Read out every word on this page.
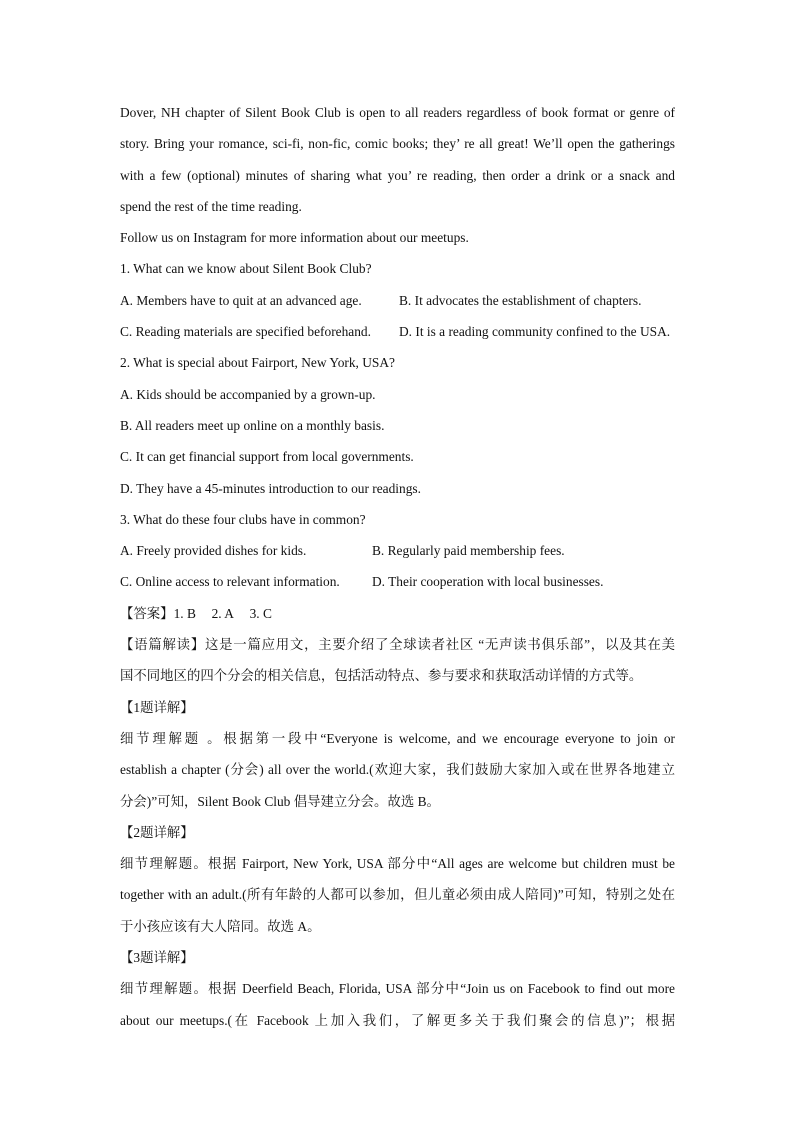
Dover, NH chapter of Silent Book Club is open to all readers regardless of book format or genre of
story. Bring your romance, sci-fi, non-fic, comic books; they’ re all great! We’ll open the gatherings
with a few (optional) minutes of sharing what you’ re reading, then order a drink or a snack and
spend the rest of the time reading.
Follow us on Instagram for more information about our meetups.
1. What can we know about Silent Book Club?
A. Members have to quit at an advanced age.	B. It advocates the establishment of chapters.
C. Reading materials are specified beforehand.	D. It is a reading community confined to the USA.
2. What is special about Fairport, New York, USA?
A. Kids should be accompanied by a grown-up.
B. All readers meet up online on a monthly basis.
C. It can get financial support from local governments.
D. They have a 45-minutes introduction to our readings.
3. What do these four clubs have in common?
A. Freely provided dishes for kids.	B. Regularly paid membership fees.
C. Online access to relevant information.	D. Their cooperation with local businesses.
【答案】1. B 2. A 3. C
【语篇解读】这是一篇应用文，主要介绍了全球读者社区 “无声读书俱乐部”，以及其在美
国不同地区的四个分会的相关信息，包括活动特点、参与要求和获取活动详情的方式等。
【1题详解】
细节理解题 。根据第一段中“Everyone is welcome, and we encourage everyone to join or
establish a chapter (分会) all over the world.(欢迎大家，我们鼓励大家加入或在世界各地建立
分会)”可知，Silent Book Club 倡导建立分会。故选 B。
【2题详解】
细节理解题。根据 Fairport, New York, USA 部分中“All ages are welcome but children must be
together with an adult.(所有年龄的人都可以参加，但儿童必须由成人陪同)”可知，特别之处在
于小孩应该有大人陪同。故选 A。
【3题详解】
细节理解题。根据 Deerfield Beach, Florida, USA 部分中“Join us on Facebook to find out more
about our meetups.(在 Facebook 上加入我们，了解更多关于我们聚会的信息)”；根据
